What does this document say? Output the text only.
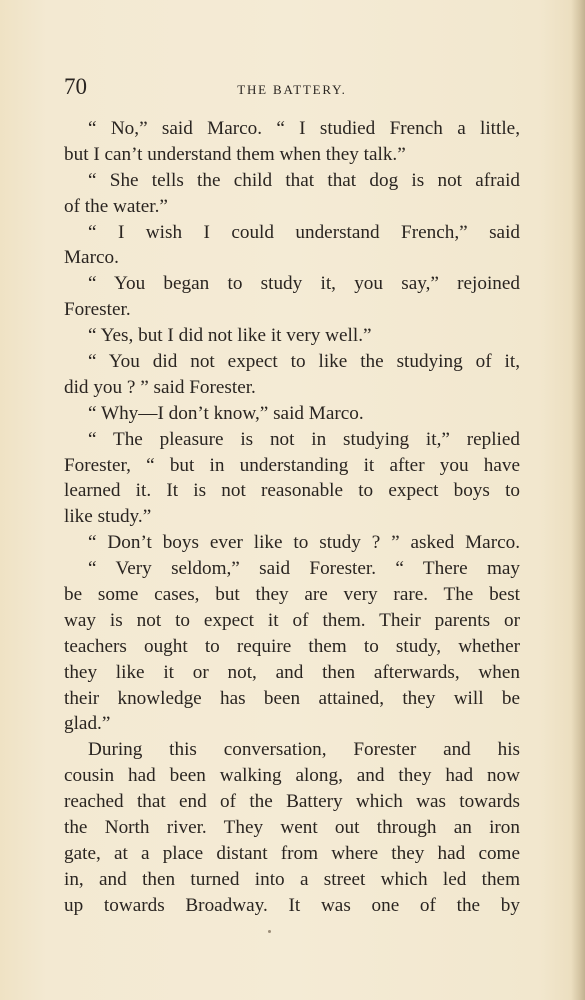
70	THE BATTERY.
“ No,” said Marco. “ I studied French a little,
but I can’t understand them when they talk.”
“ She tells the child that that dog is not afraid
of the water.”
“ I wish I could understand French,” said
Marco.
“ You began to study it, you say,” rejoined
Forester.
“ Yes, but I did not like it very well.”
“ You did not expect to like the studying of it,
did you ? ” said Forester.
“ Why—I don’t know,” said Marco.
“ The pleasure is not in studying it,” replied
Forester, “ but in understanding it after you have
learned it. It is not reasonable to expect boys to
like study.”
“ Don’t boys ever like to study ? ” asked Marco.
“ Very seldom,” said Forester. “ There may
be some cases, but they are very rare. The best
way is not to expect it of them. Their parents or
teachers ought to require them to study, whether
they like it or not, and then afterwards, when
their knowledge has been attained, they will be
glad.”
During this conversation, Forester and his
cousin had been walking along, and they had now
reached that end of the Battery which was towards
the North river. They went out through an iron
gate, at a place distant from where they had come
in, and then turned into a street which led them
up towards Broadway. It was one of the by
